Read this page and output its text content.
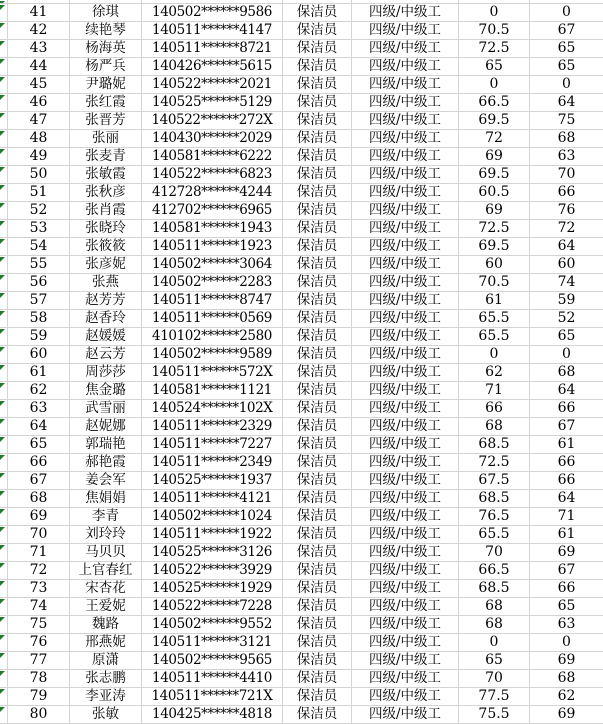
41	徐琪	140502******9586	保洁员	四级/中级工	0	0
42	续艳琴	140511******4147	保洁员	四级/中级工	70.5	67
43	杨海英	140511******8721	保洁员	四级/中级工	72.5	65
44	杨严兵	140426******5615	保洁员	四级/中级工	65	65
45	尹璐妮	140522******2021	保洁员	四级/中级工	0	0
46	张红霞	140525******5129	保洁员	四级/中级工	66.5	64
47	张晋芳	140522******272X	保洁员	四级/中级工	69.5	75
48	张丽	140430******2029	保洁员	四级/中级工	72	68
49	张麦青	140581******6222	保洁员	四级/中级工	69	63
50	张敏霞	140522******6823	保洁员	四级/中级工	69.5	70
51	张秋彦	412728******4244	保洁员	四级/中级工	60.5	66
52	张肖霞	412702******6965	保洁员	四级/中级工	69	76
53	张晓玲	140581******1943	保洁员	四级/中级工	72.5	72
54	张筱筱	140511******1923	保洁员	四级/中级工	69.5	64
55	张彦妮	140502******3064	保洁员	四级/中级工	60	60
56	张燕	140502******2283	保洁员	四级/中级工	70.5	74
57	赵芳芳	140511******8747	保洁员	四级/中级工	61	59
58	赵香玲	140511******0569	保洁员	四级/中级工	65.5	52
59	赵媛媛	410102******2580	保洁员	四级/中级工	65.5	65
60	赵云芳	140502******9589	保洁员	四级/中级工	0	0
61	周莎莎	140511******572X	保洁员	四级/中级工	62	68
62	焦金璐	140581******1121	保洁员	四级/中级工	71	64
63	武雪丽	140524******102X	保洁员	四级/中级工	66	66
64	赵妮娜	140511******2329	保洁员	四级/中级工	68	67
65	郭瑞艳	140511******7227	保洁员	四级/中级工	68.5	61
66	郝艳霞	140511******2349	保洁员	四级/中级工	72.5	66
67	姜会军	140525******1937	保洁员	四级/中级工	67.5	66
68	焦娟娟	140511******4121	保洁员	四级/中级工	68.5	64
69	李青	140502******1024	保洁员	四级/中级工	76.5	71
70	刘玲玲	140511******1922	保洁员	四级/中级工	65.5	61
71	马贝贝	140525******3126	保洁员	四级/中级工	70	69
72	上官春红	140522******3929	保洁员	四级/中级工	66.5	67
73	宋杏花	140525******1929	保洁员	四级/中级工	68.5	66
74	王爱妮	140522******7228	保洁员	四级/中级工	68	65
75	魏路	140502******9552	保洁员	四级/中级工	68	63
76	邢燕妮	140511******3121	保洁员	四级/中级工	0	0
77	原潇	140502******9565	保洁员	四级/中级工	65	69
78	张志鹏	140511******4410	保洁员	四级/中级工	70	68
79	李亚涛	140511******721X	保洁员	四级/中级工	77.5	62
80	张敏	140425******4818	保洁员	四级/中级工	75.5	69
